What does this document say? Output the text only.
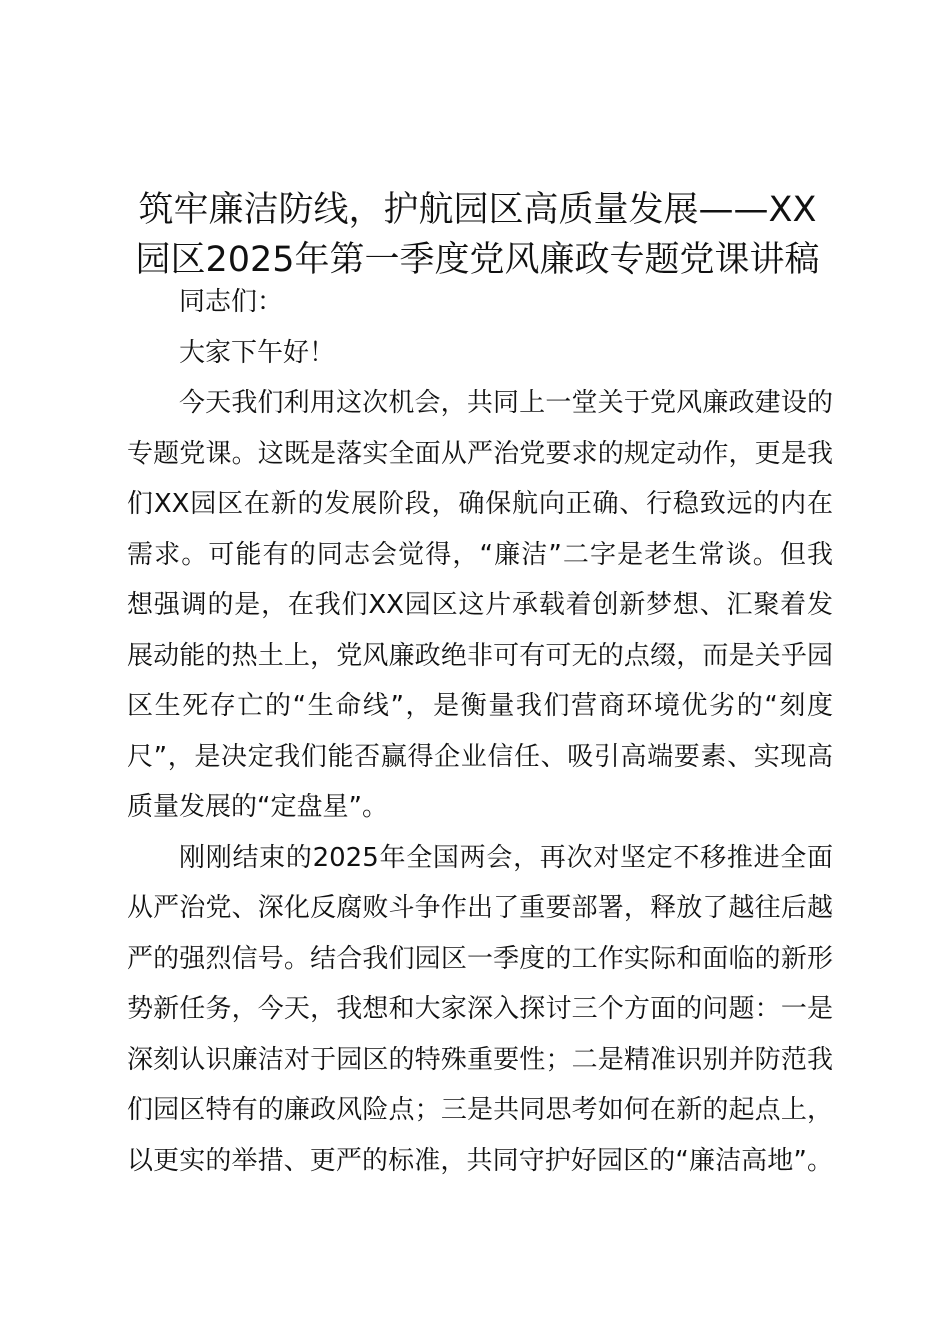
筑牢廉洁防线，护航园区高质量发展——XX
园区2025年第一季度党风廉政专题党课讲稿

同志们：

大家下午好！

今天我们利用这次机会，共同上一堂关于党风廉政建设的
专题党课。这既是落实全面从严治党要求的规定动作，更是我
们XX园区在新的发展阶段，确保航向正确、行稳致远的内在
需求。可能有的同志会觉得，“廉洁”二字是老生常谈。但我
想强调的是，在我们XX园区这片承载着创新梦想、汇聚着发
展动能的热土上，党风廉政绝非可有可无的点缀，而是关乎园
区生死存亡的“生命线”，是衡量我们营商环境优劣的“刻度
尺”，是决定我们能否赢得企业信任、吸引高端要素、实现高
质量发展的“定盘星”。

刚刚结束的2025年全国两会，再次对坚定不移推进全面
从严治党、深化反腐败斗争作出了重要部署，释放了越往后越
严的强烈信号。结合我们园区一季度的工作实际和面临的新形
势新任务，今天，我想和大家深入探讨三个方面的问题：一是
深刻认识廉洁对于园区的特殊重要性；二是精准识别并防范我
们园区特有的廉政风险点；三是共同思考如何在新的起点上，
以更实的举措、更严的标准，共同守护好园区的“廉洁高地”。
